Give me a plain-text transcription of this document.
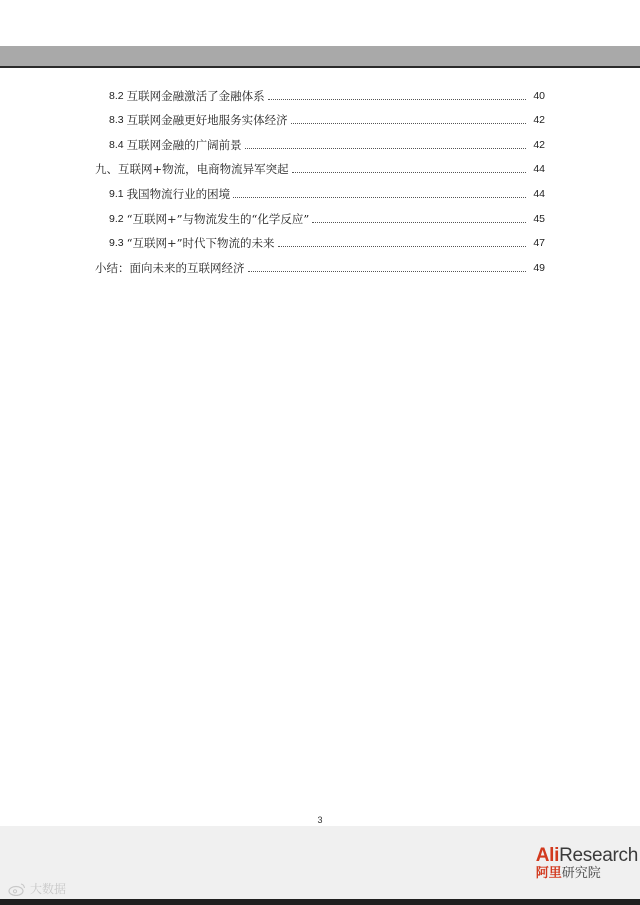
8.2 互联网金融激活了金融体系	40
8.3 互联网金融更好地服务实体经济	42
8.4 互联网金融的广阔前景	42
九、互联网+物流，电商物流异军突起	44
9.1 我国物流行业的困境	44
9.2 “互联网+”与物流发生的“化学反应”	45
9.3 “互联网+”时代下物流的未来	47
小结：面向未来的互联网经济	49
3
大数据
AliResearch
阿里研究院
